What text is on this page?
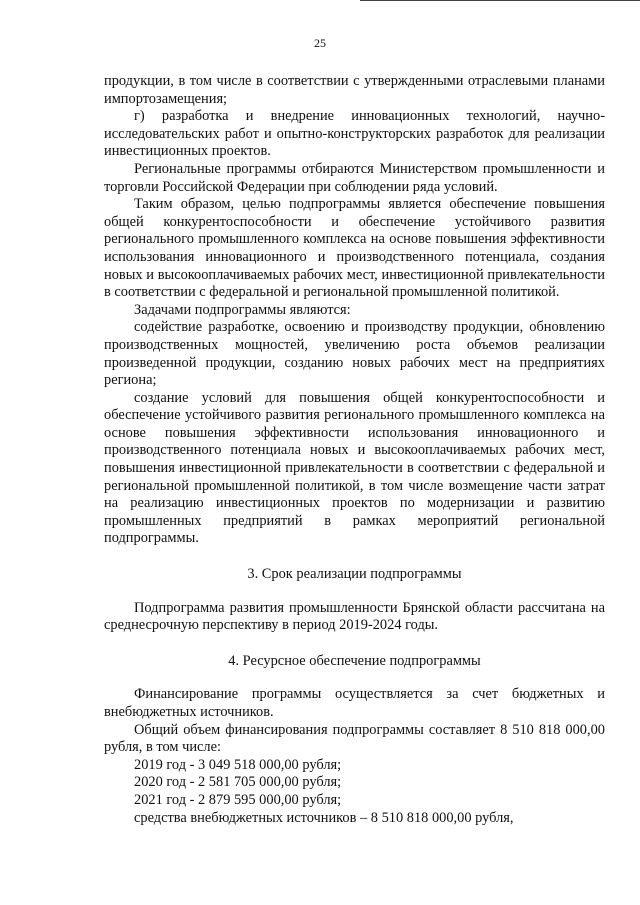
25

продукции, в том числе в соответствии с утвержденными отраслевыми планами импортозамещения;

г) разработка и внедрение инновационных технологий, научно-исследовательских работ и опытно-конструкторских разработок для реализации инвестиционных проектов.

Региональные программы отбираются Министерством промышленности и торговли Российской Федерации при соблюдении ряда условий.

Таким образом, целью подпрограммы является обеспечение повышения общей конкурентоспособности и обеспечение устойчивого развития регионального промышленного комплекса на основе повышения эффективности использования инновационного и производственного потенциала, создания новых и высокооплачиваемых рабочих мест, инвестиционной привлекательности в соответствии с федеральной и региональной промышленной политикой.

Задачами подпрограммы являются:

содействие разработке, освоению и производству продукции, обновлению производственных мощностей, увеличению роста объемов реализации произведенной продукции, созданию новых рабочих мест на предприятиях региона;

создание условий для повышения общей конкурентоспособности и обеспечение устойчивого развития регионального промышленного комплекса на основе повышения эффективности использования инновационного и производственного потенциала новых и высокооплачиваемых рабочих мест, повышения инвестиционной привлекательности в соответствии с федеральной и региональной промышленной политикой, в том числе возмещение части затрат на реализацию инвестиционных проектов по модернизации и развитию промышленных предприятий в рамках мероприятий региональной подпрограммы.

3. Срок реализации подпрограммы

Подпрограмма развития промышленности Брянской области рассчитана на среднесрочную перспективу в период 2019-2024 годы.

4. Ресурсное обеспечение подпрограммы

Финансирование программы осуществляется за счет бюджетных и внебюджетных источников.

Общий объем финансирования подпрограммы составляет 8 510 818 000,00 рубля, в том числе:

2019 год - 3 049 518 000,00 рубля;

2020 год - 2 581 705 000,00 рубля;

2021 год - 2 879 595 000,00 рубля;

средства внебюджетных источников – 8 510 818 000,00 рубля,
